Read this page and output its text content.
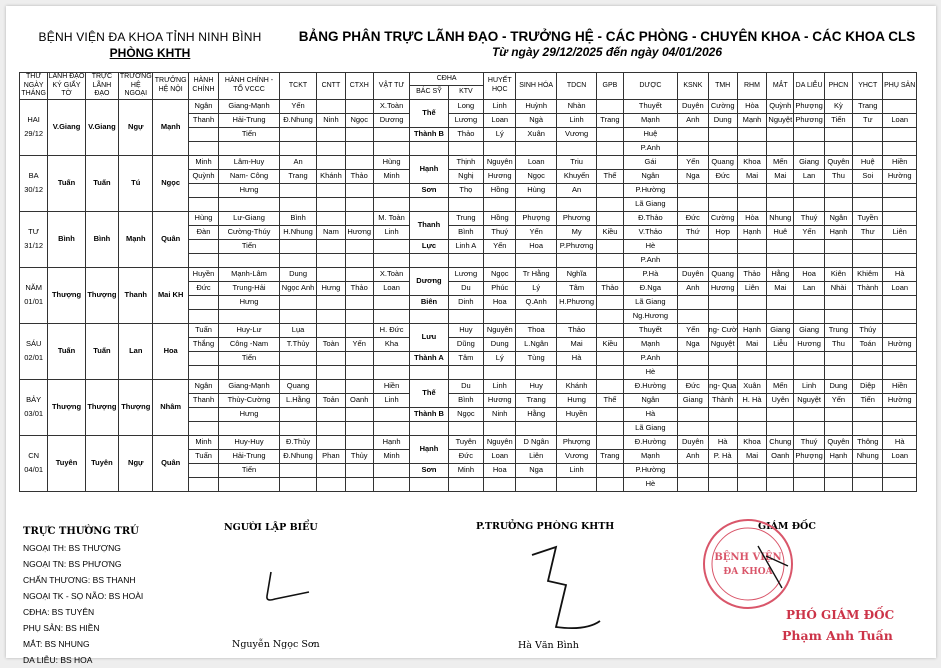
BỆNH VIỆN ĐA KHOA TỈNH NINH BÌNH
PHÒNG KHTH
BẢNG PHÂN TRỰC LÃNH ĐẠO - TRƯỞNG HỆ - CÁC PHÒNG - CHUYÊN KHOA - CÁC KHOA CLS
Từ ngày 29/12/2025 đến ngày 04/01/2026
THỨ NGÀY THÁNG	LÃNH ĐẠO KÝ GIẤY TỜ	TRỰC LÃNH ĐẠO	TRƯỞNG HỆ NGOẠI	TRƯỞNG HỆ NỘI	HÀNH CHÍNH	HÀNH CHÍNH - TỔ VCCC	TCKT	CNTT	CTXH	VẬT TƯ	CĐHA		HUYẾT HỌC	SINH HÓA	TDCN	GPB	DƯỢC	KSNK	TMH	RHM	MẮT	DA LIỄU	PHCN	YHCT	PHỤ SẢN
											BÁC SỸ	KTV													

HAI
29/12	V.Giang	V.Giang	Ngự	Mạnh	Ngân	Giang-Mạnh	Yến			X.Toàn	Thế	Long	Linh	Huỳnh	Nhàn		Thuyết	Duyên	Cường	Hòa	Quỳnh	Phượng	Kỳ	Trang	
					Thanh	Hải-Trung	Đ.Nhung	Ninh	Ngọc	Dương		Lương	Loan	Ngà	Linh	Trang	Mạnh	Anh	Dung	Mạnh	Nguyệt	Phương	Tiến	Tư	Loan
						Tiến					Thành B	Thảo	Lý	Xuân	Vương		Huệ								
																	P.Anh								

BA
30/12	Tuấn	Tuấn	Tú	Ngọc	Minh	Lâm-Huy	An			Hùng	Hạnh	Thịnh	Nguyên	Loan	Triu		Gái	Yến	Quang	Khoa	Mến	Giang	Quyên	Huệ	Hiền
					Quỳnh	Nam- Công	Trang	Khánh	Thảo	Minh		Nghị	Hương	Ngọc	Khuyến	Thế	Ngân	Nga	Đức	Mai	Mai	Lan	Thu	Soi	Hường
						Hưng					Sơn	Thọ	Hồng	Hùng	An		P.Hường								
																	Lã Giang								

TƯ
31/12	Bình	Bình	Mạnh	Quân	Hùng	Lư-Giang	Bình			M. Toàn	Thanh	Trung	Hồng	Phượng	Phương		Đ.Thảo	Đức	Cường	Hòa	Nhung	Thuý	Ngân	Tuyền	
					Đàn	Cường-Thúy	H.Nhung	Nam	Hương	Linh		Bình	Thuý	Yến	My	Kiều	V.Thảo	Thứ	Hợp	Hạnh	Huê	Yến	Hạnh	Thư	Liên
						Tiến					Lực	Linh A	Yến	Hoa	P.Phương		Hè								
																	P.Anh								

NĂM
01/01	Thượng	Thượng	Thanh	Mai KH	Huyền	Mạnh-Lâm	Dung			X.Toàn	Dương	Lương	Ngọc	Tr Hằng	Nghĩa		P.Hà	Duyên	Quang	Thảo	Hằng	Hoa	Kiên	Khiêm	Hà
					Đức	Trung-Hải	Ngọc Anh	Hưng	Thảo	Loan		Du	Phúc	Lý	Tâm	Thảo	Đ.Nga	Anh	Hương	Liên	Mai	Lan	Nhài	Thành	Loan
						Hưng					Biên	Dinh	Hoa	Q.Anh	H.Phương		Lã Giang								
																	Ng.Hương								

SÁU
02/01	Tuấn	Tuấn	Lan	Hoa	Tuấn	Huy-Lư	Lụa			H. Đức	Lưu	Huy	Nguyên	Thoa	Thảo		Thuyết	Yến	ng- Cườ	Hạnh	Giang	Giang	Trung	Thúy	
					Thắng	Công -Nam	T.Thủy	Toàn	Yến	Kha		Dũng	Dung	L.Ngân	Mai	Kiều	Mạnh	Nga	Nguyệt	Mai	Liễu	Hương	Thu	Toán	Hường
						Tiến					Thành A	Tâm	Lý	Tùng	Hà		P.Anh								
																	Hè								

BẢY
03/01	Thượng	Thượng	Thượng	Nhâm	Ngân	Giang-Mạnh	Quang			Hiền	Thế	Du	Linh	Huy	Khánh		Đ.Hường	Đức	ng- Qua	Xuân	Mến	Linh	Dung	Diệp	Hiền
					Thanh	Thùy-Cường	L.Hằng	Toản	Oanh	Linh		Bình	Hương	Trang	Hưng	Thế	Ngân	Giang	Thành	H. Hà	Uyên	Nguyệt	Yến	Tiến	Hường
						Hưng					Thành B	Ngọc	Ninh	Hằng	Huyền		Hà								
																	Lã Giang								

CN
04/01	Tuyên	Tuyên	Ngự	Quân	Minh	Huy-Huy	Đ.Thủy			Hạnh	Hạnh	Tuyên	Nguyên	D Ngân	Phượng		Đ.Hường	Duyên	Hà	Khoa	Chung	Thuý	Quyên	Thông	Hà
					Tuấn	Hải-Trung	Đ.Nhung	Phan	Thủy	Minh		Đức	Loan	Liên	Vương	Trang	Mạnh	Anh	P. Hà	Mai	Oanh	Phượng	Hạnh	Nhung	Loan
						Tiến					Sơn	Minh	Hoa	Nga	Linh		P.Hường								
																	Hè								
TRỰC THƯỜNG TRÚ
NGOẠI TH: BS THƯỢNG
NGOẠI TN: BS PHƯƠNG
CHẤN THƯƠNG: BS THANH
NGOẠI TK - SỌ NÃO: BS HOÀI
CĐHA: BS TUYÊN
PHỤ SẢN: BS HIỀN
MẮT: BS NHUNG
DA LIỄU: BS HOA
NGƯỜI LẬP BIỂU
Nguyễn Ngọc Sơn
P.TRƯỞNG PHÒNG KHTH
Hà Văn Bình
GIÁM ĐỐC
BỆNH VIỆN
ĐA KHOA
PHÓ GIÁM ĐỐC
Phạm Anh Tuấn
